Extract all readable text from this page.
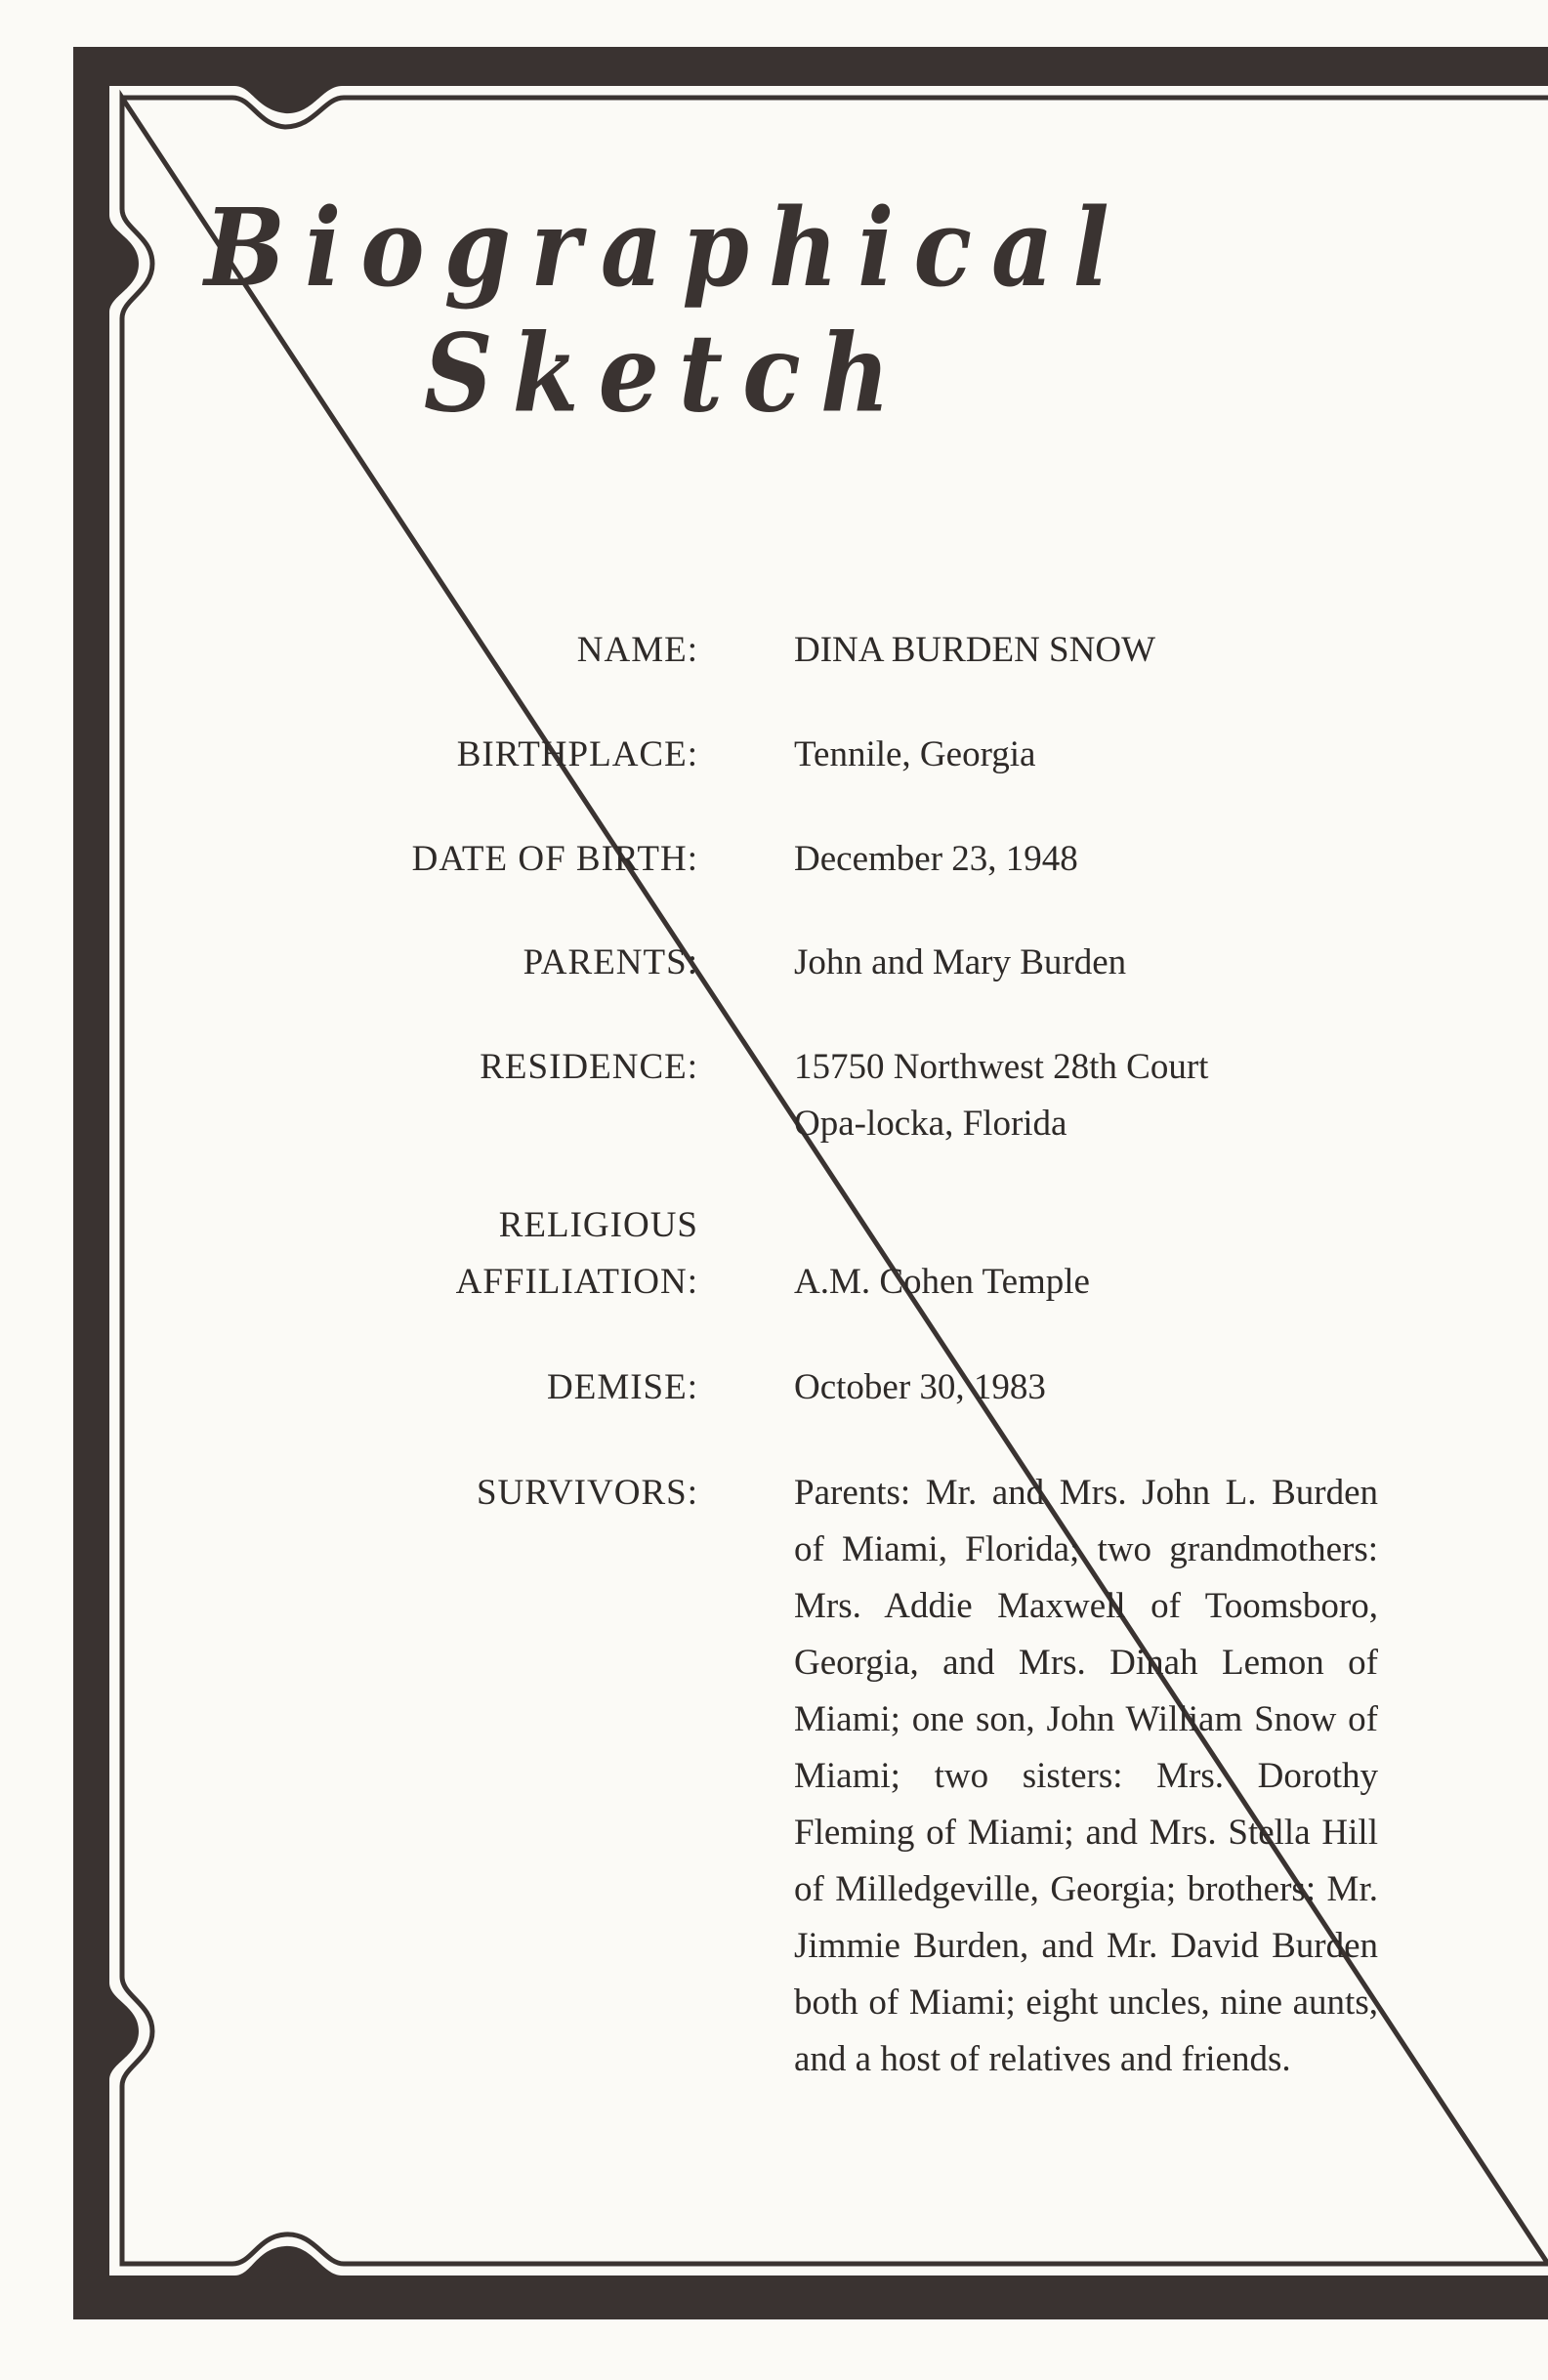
Biographical Sketch
NAME:	DINA BURDEN SNOW
BIRTHPLACE:	Tennile, Georgia
DATE OF BIRTH:	December 23, 1948
PARENTS:	John and Mary Burden
RESIDENCE:	15750 Northwest 28th Court
Opa-locka, Florida
RELIGIOUS
AFFILIATION:	A.M. Cohen Temple
DEMISE:	October 30, 1983
SURVIVORS:	Parents: Mr. and Mrs. John L. Burden of Miami, Florida; two grandmothers: Mrs. Addie Maxwell of Toomsboro, Georgia, and Mrs. Dinah Lemon of Miami; one son, John William Snow of Miami; two sisters: Mrs. Dorothy Fleming of Miami; and Mrs. Stella Hill of Milledgeville, Georgia; brothers: Mr. Jimmie Burden, and Mr. David Burden both of Miami; eight uncles, nine aunts, and a host of relatives and friends.
